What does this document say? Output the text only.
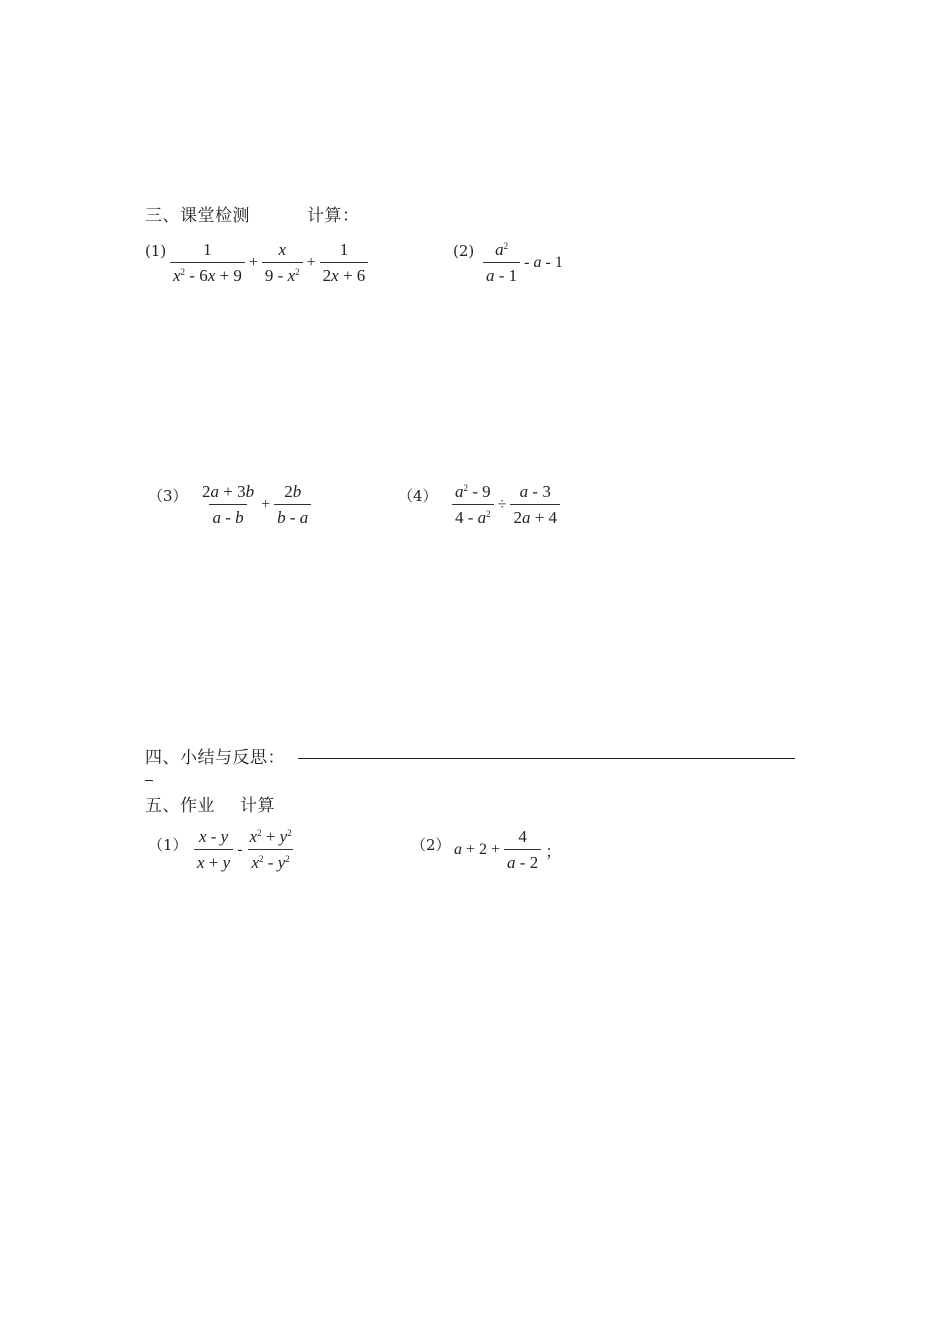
三、课堂检测	计算：
$(1) \frac{1}{x^2 - 6x + 9} + \frac{x}{9 - x^2} + \frac{1}{2x + 6}$	$(2) \frac{a^2}{a - 1}$ - a - 1
$(3) \frac{2a + 3b}{a - b} + \frac{2b}{b - a}$	$(4) \frac{a^2 - 9}{4 - a^2} \div \frac{a - 3}{2a + 4}$
四、小结与反思：
五、作业 计算
$(1) \frac{x - y}{x + y} - \frac{x^2 + y^2}{x^2 - y^2}$	（2） $a + 2 + \frac{4}{a - 2}$ ；
